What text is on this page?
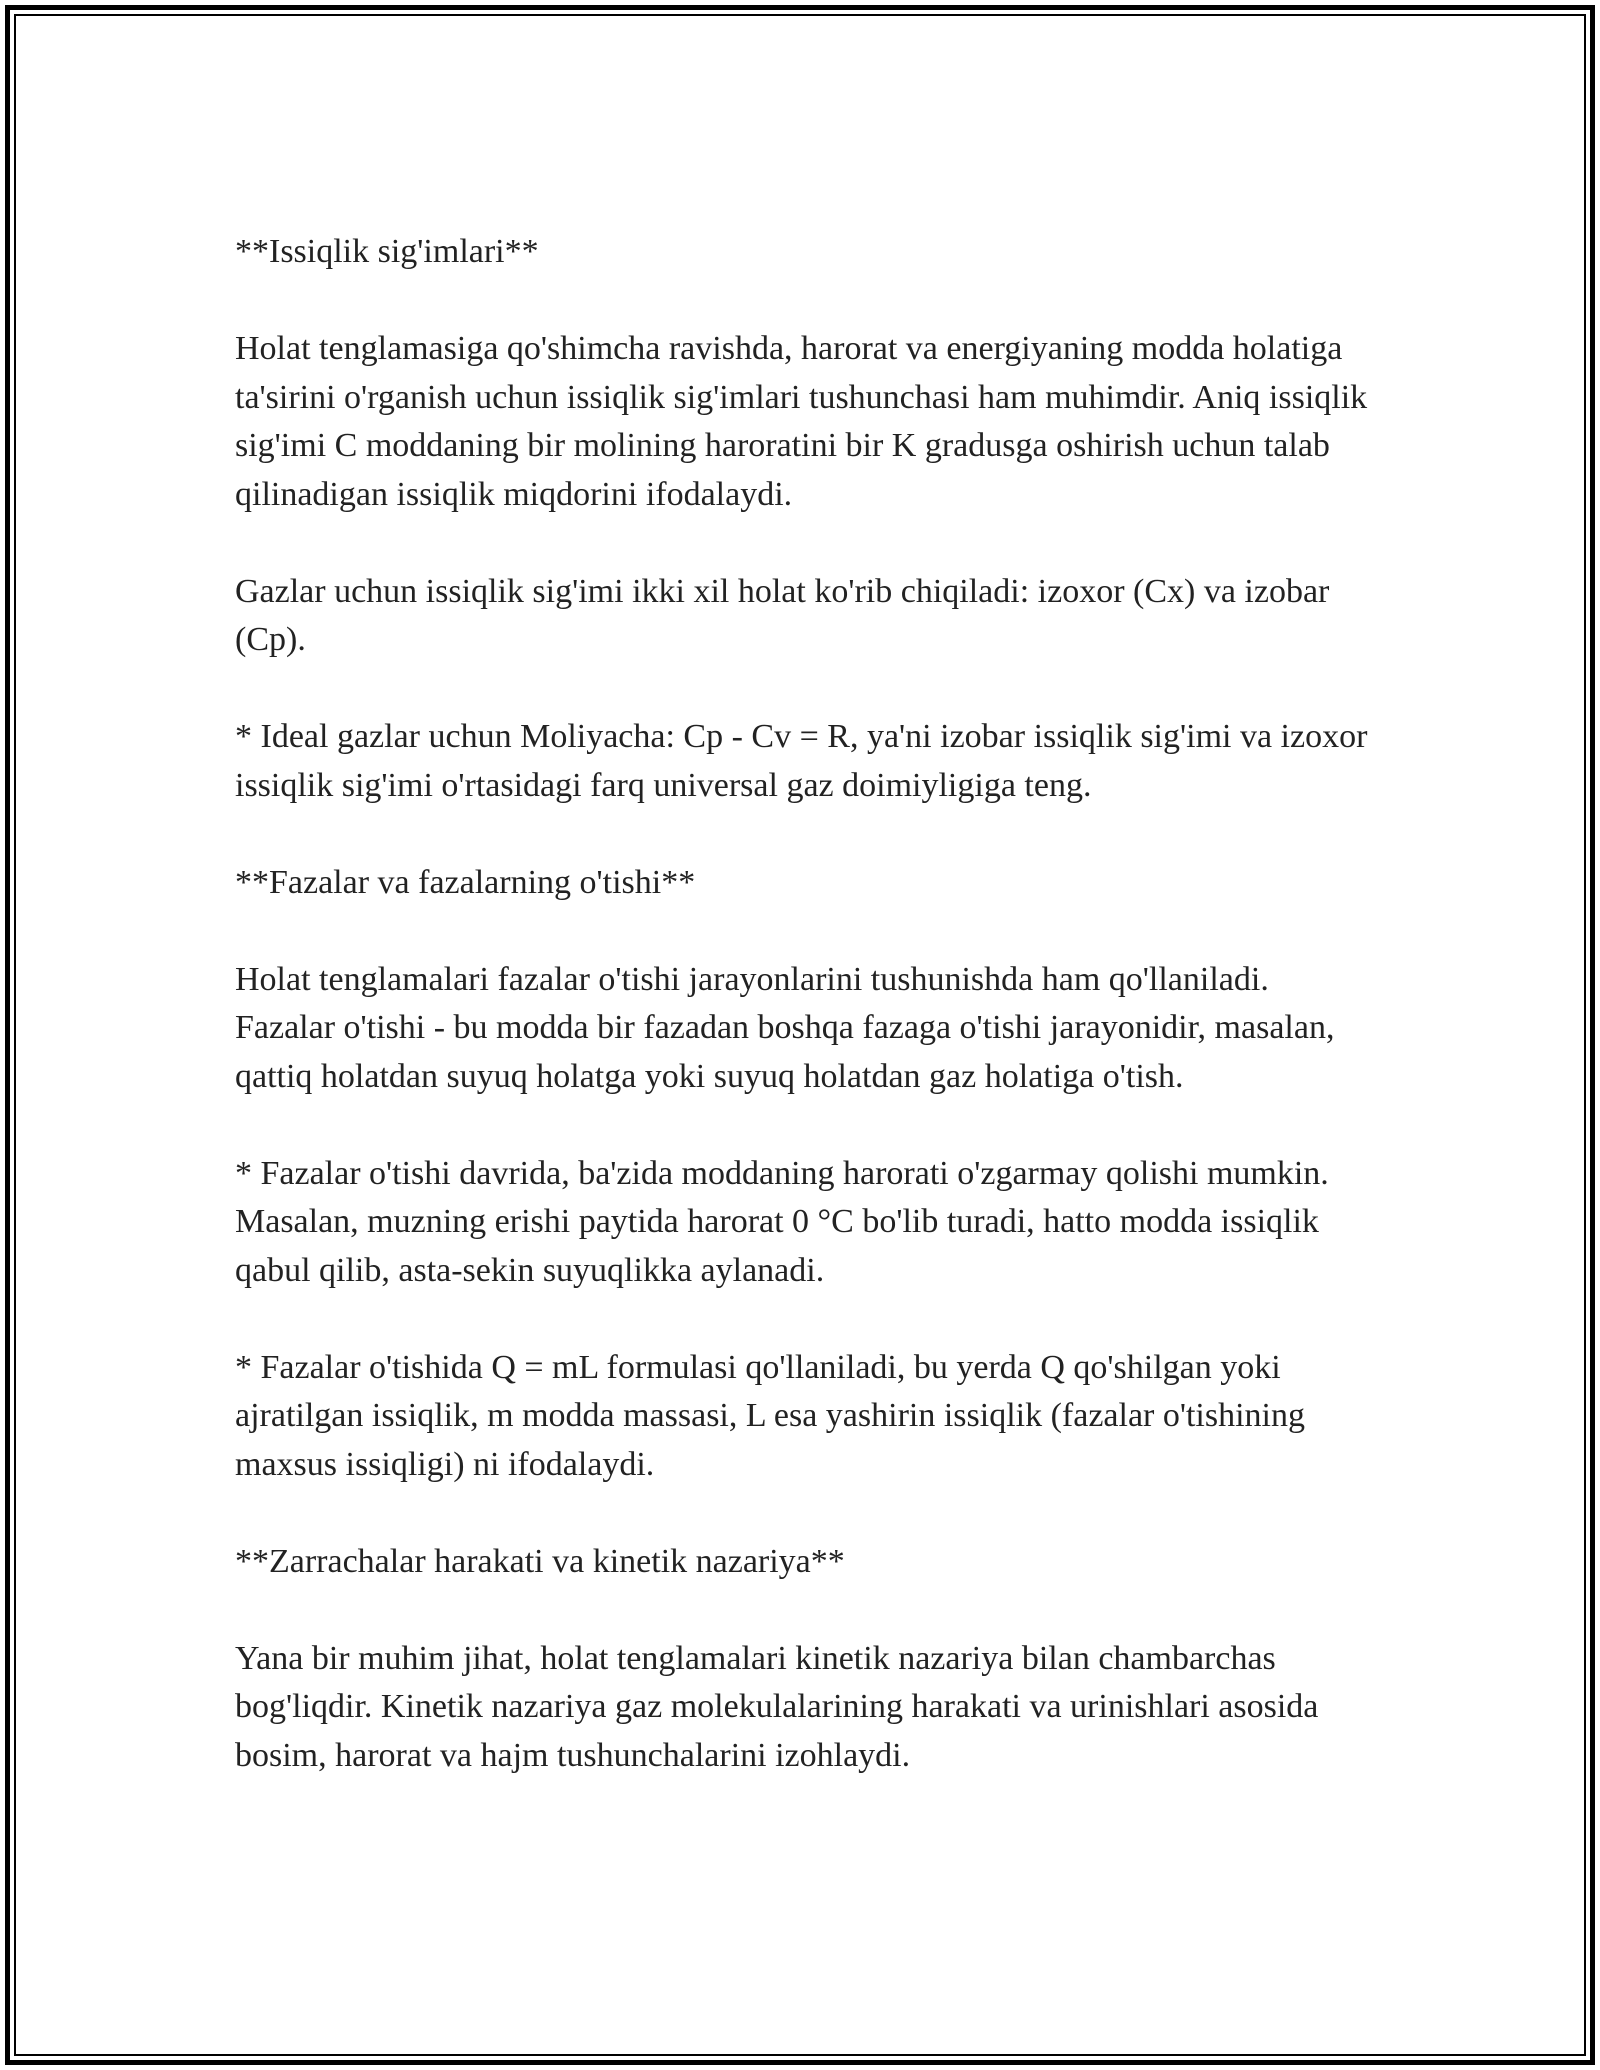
**Issiqlik sig'imlari**

Holat tenglamasiga qo'shimcha ravishda, harorat va energiyaning modda holatiga ta'sirini o'rganish uchun issiqlik sig'imlari tushunchasi ham muhimdir. Aniq issiqlik sig'imi C moddaning bir molining haroratini bir K gradusga oshirish uchun talab qilinadigan issiqlik miqdorini ifodalaydi.

Gazlar uchun issiqlik sig'imi ikki xil holat ko'rib chiqiladi: izoxor (Cx) va izobar (Cp).

* Ideal gazlar uchun Moliyacha: Cp - Cv = R, ya'ni izobar issiqlik sig'imi va izoxor issiqlik sig'imi o'rtasidagi farq universal gaz doimiyligiga teng.

**Fazalar va fazalarning o'tishi**

Holat tenglamalari fazalar o'tishi jarayonlarini tushunishda ham qo'llaniladi. Fazalar o'tishi - bu modda bir fazadan boshqa fazaga o'tishi jarayonidir, masalan, qattiq holatdan suyuq holatga yoki suyuq holatdan gaz holatiga o'tish.

* Fazalar o'tishi davrida, ba'zida moddaning harorati o'zgarmay qolishi mumkin. Masalan, muzning erishi paytida harorat 0 °C bo'lib turadi, hatto modda issiqlik qabul qilib, asta-sekin suyuqlikka aylanadi.

* Fazalar o'tishida Q = mL formulasi qo'llaniladi, bu yerda Q qo'shilgan yoki ajratilgan issiqlik, m modda massasi, L esa yashirin issiqlik (fazalar o'tishining maxsus issiqligi) ni ifodalaydi.

**Zarrachalar harakati va kinetik nazariya**

Yana bir muhim jihat, holat tenglamalari kinetik nazariya bilan chambarchas bog'liqdir. Kinetik nazariya gaz molekulalarining harakati va urinishlari asosida bosim, harorat va hajm tushunchalarini izohlaydi.
